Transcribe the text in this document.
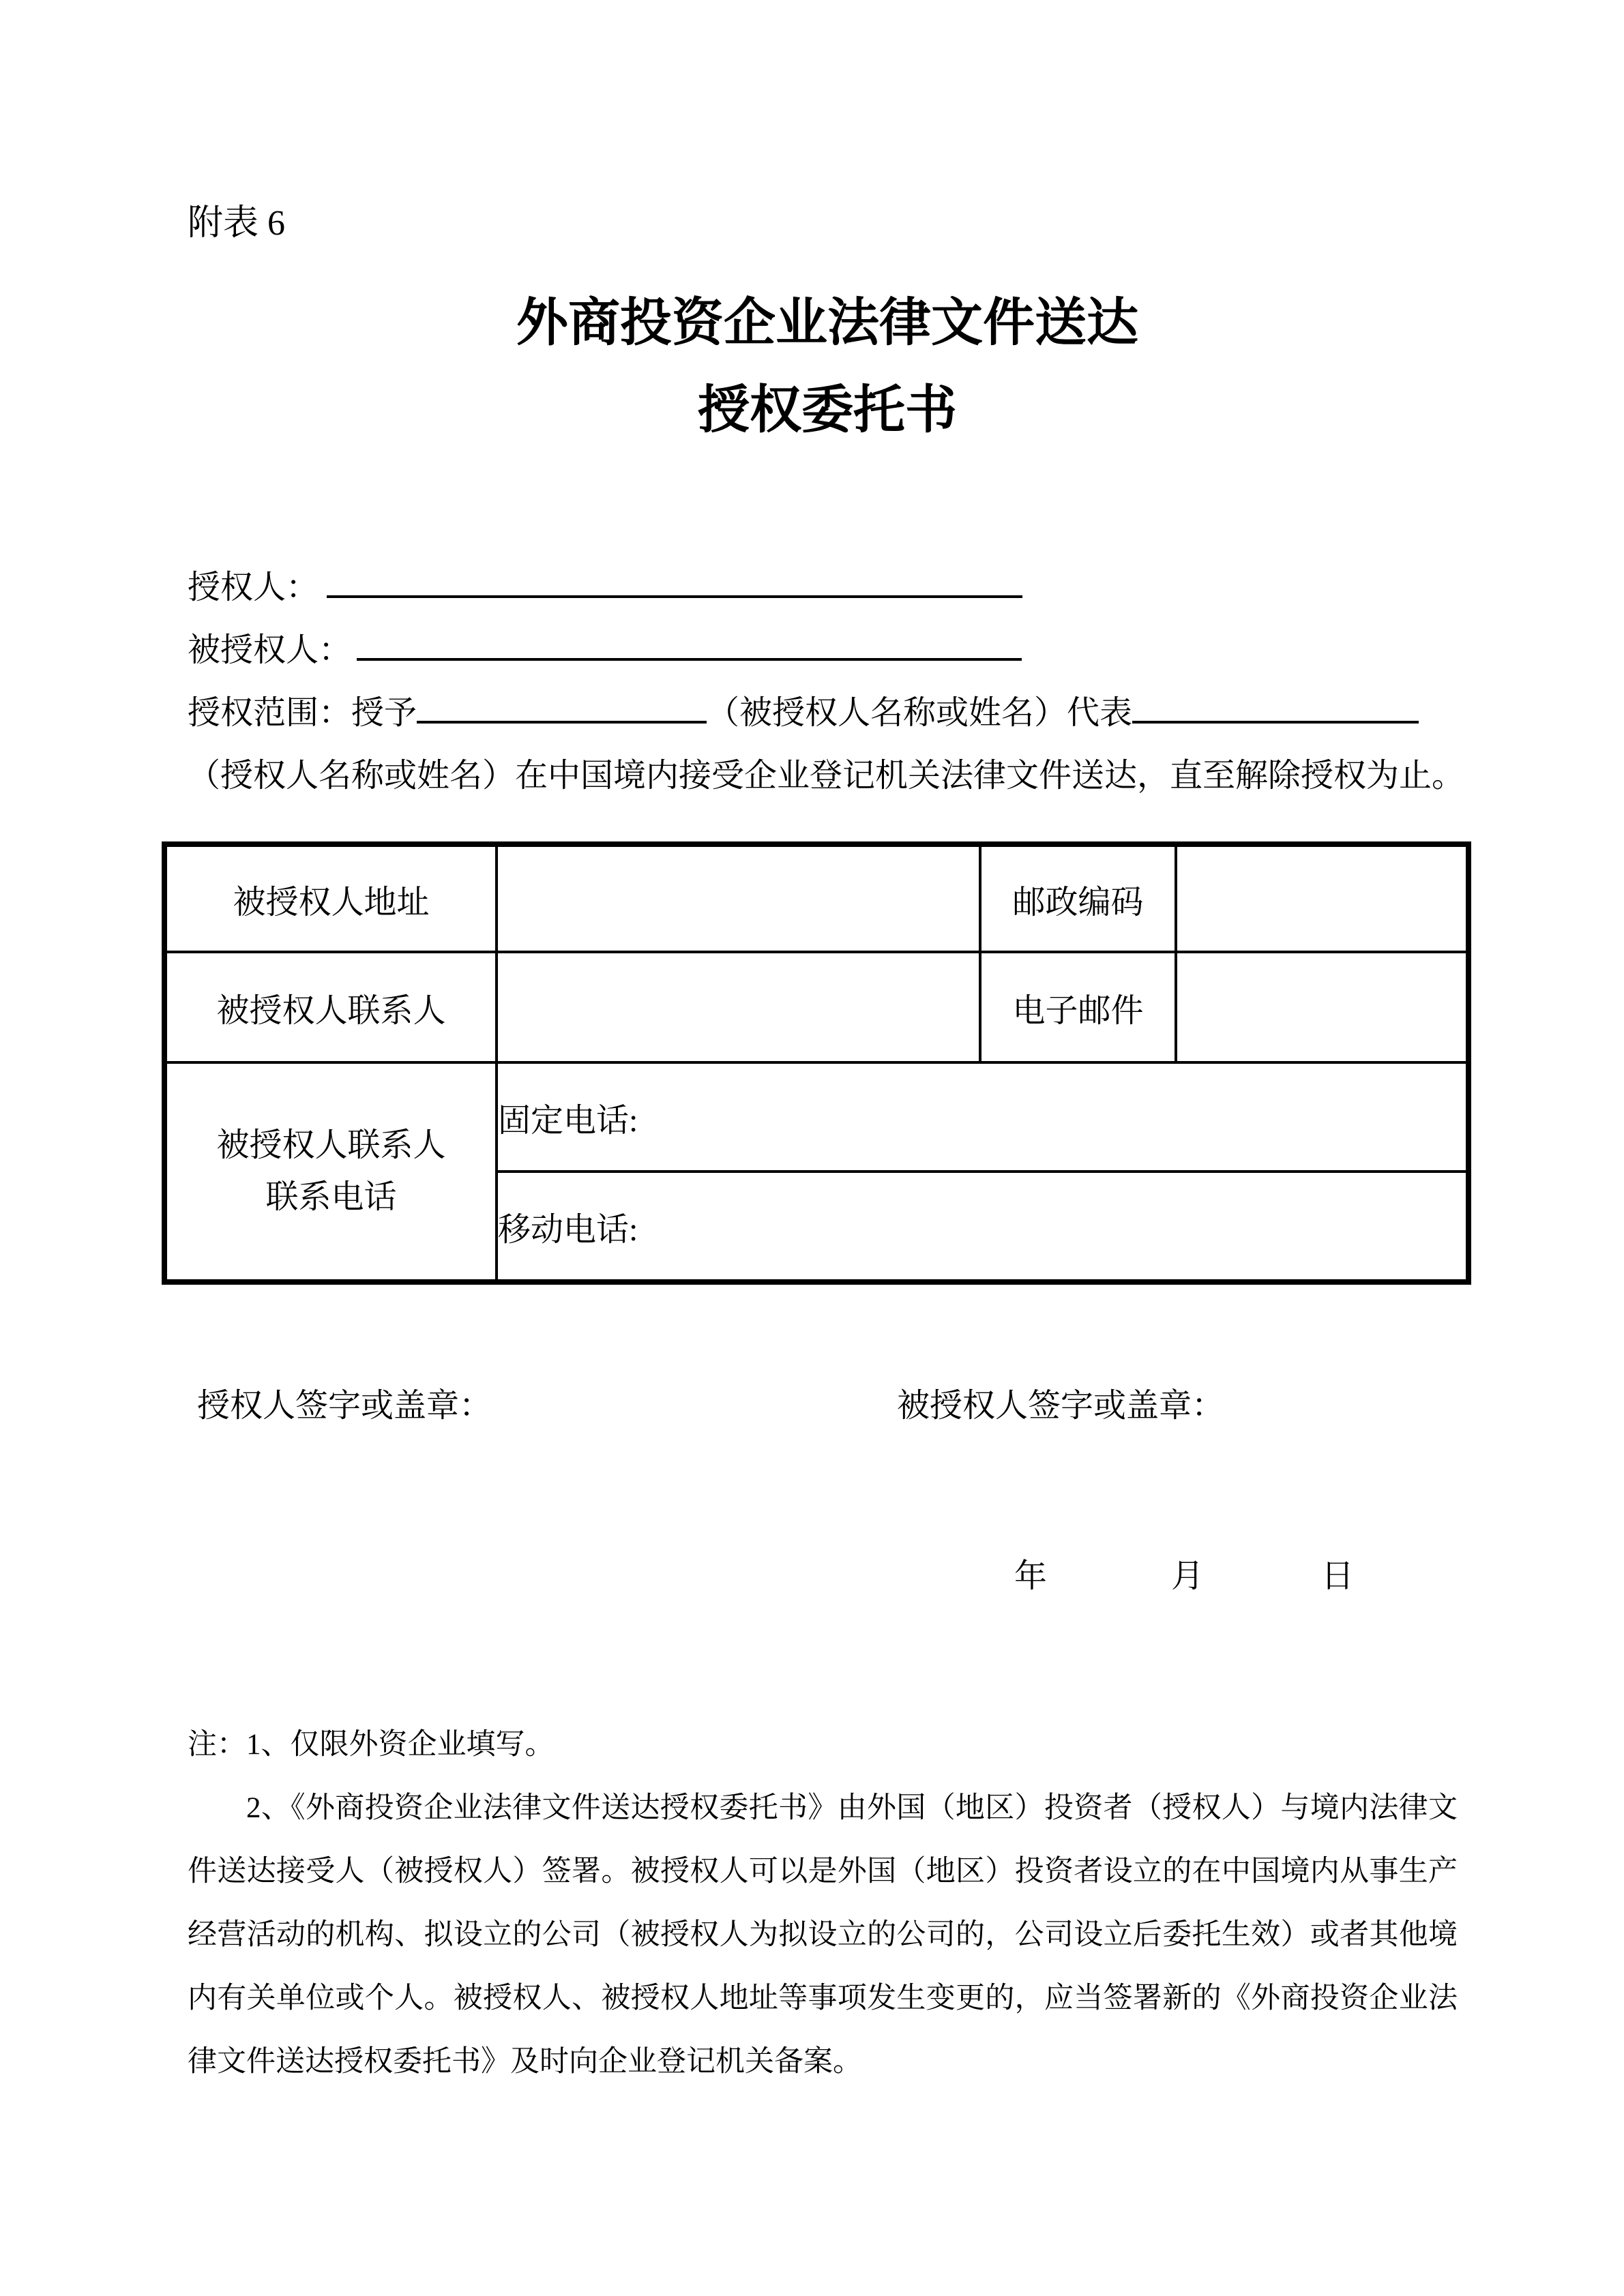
附表 6
外商投资企业法律文件送达
授权委托书
授权人：
被授权人：
授权范围：授予	（被授权人名称或姓名）代表
（授权人名称或姓名）在中国境内接受企业登记机关法律文件送达，直至解除授权为止。
被授权人地址		邮政编码	
被授权人联系人		电子邮件	

被授权人联系人
联系电话	固定电话:		
	移动电话:		
授权人签字或盖章：	被授权人签字或盖章：
年	月	日
注：1、仅限外资企业填写。

2、《外商投资企业法律文件送达授权委托书》由外国（地区）投资者（授权人）与境内法律文件送达接受人（被授权人）签署。被授权人可以是外国（地区）投资者设立的在中国境内从事生产经营活动的机构、拟设立的公司（被授权人为拟设立的公司的，公司设立后委托生效）或者其他境内有关单位或个人。被授权人、被授权人地址等事项发生变更的，应当签署新的《外商投资企业法律文件送达授权委托书》及时向企业登记机关备案。
